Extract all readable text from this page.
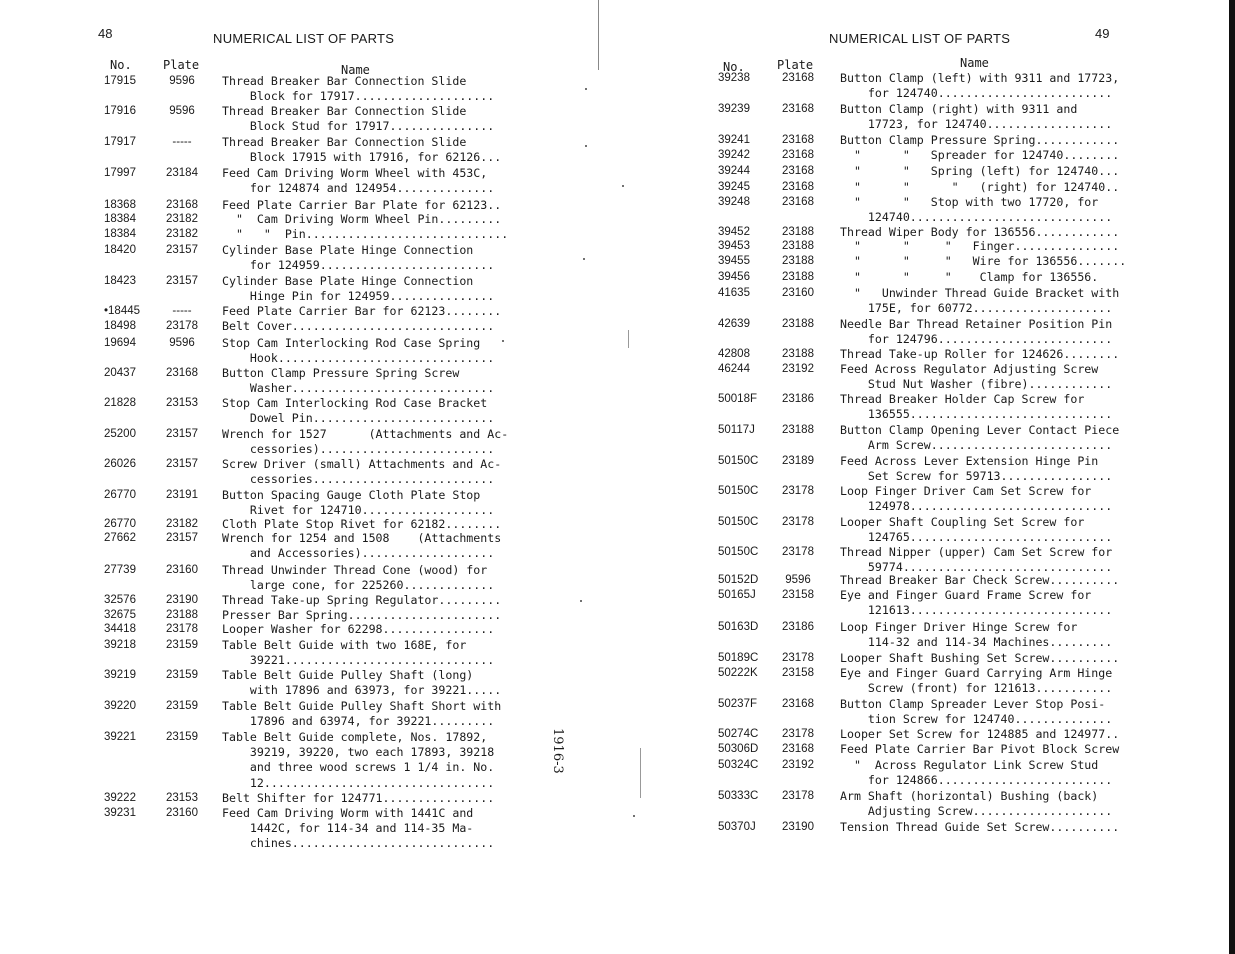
48	NUMERICAL LIST OF PARTS
No.	Plate	Name
17915	9596	Thread Breaker Bar Connection Slide
Block for 17917....................
17916	9596	Thread Breaker Bar Connection Slide
Block Stud for 17917...............
17917	-----	Thread Breaker Bar Connection Slide
Block 17915 with 17916, for 62126...
17997	23184	Feed Cam Driving Worm Wheel with 453C,
for 124874 and 124954..............
18368	23168	Feed Plate Carrier Bar Plate for 62123..
18384	23182	"  Cam Driving Worm Wheel Pin.........
18384	23182	"   "  Pin.............................
18420	23157	Cylinder Base Plate Hinge Connection
for 124959.........................
18423	23157	Cylinder Base Plate Hinge Connection
Hinge Pin for 124959...............
•18445	-----	Feed Plate Carrier Bar for 62123........
18498	23178	Belt Cover.............................
19694	9596	Stop Cam Interlocking Rod Case Spring
Hook...............................
20437	23168	Button Clamp Pressure Spring Screw
Washer.............................
21828	23153	Stop Cam Interlocking Rod Case Bracket
Dowel Pin..........................
25200	23157	Wrench for 1527      (Attachments and Ac-
cessories).........................
26026	23157	Screw Driver (small) Attachments and Ac-
cessories..........................
26770	23191	Button Spacing Gauge Cloth Plate Stop
Rivet for 124710...................
26770	23182	Cloth Plate Stop Rivet for 62182........
27662	23157	Wrench for 1254 and 1508    (Attachments
and Accessories)...................
27739	23160	Thread Unwinder Thread Cone (wood) for
large cone, for 225260.............
32576	23190	Thread Take-up Spring Regulator.........
32675	23188	Presser Bar Spring......................
34418	23178	Looper Washer for 62298................
39218	23159	Table Belt Guide with two 168E, for
39221..............................
39219	23159	Table Belt Guide Pulley Shaft (long)
with 17896 and 63973, for 39221.....
39220	23159	Table Belt Guide Pulley Shaft Short with
17896 and 63974, for 39221.........
39221	23159	Table Belt Guide complete, Nos. 17892,
39219, 39220, two each 17893, 39218
and three wood screws 1 1/4 in. No.
12.................................
39222	23153	Belt Shifter for 124771................
39231	23160	Feed Cam Driving Worm with 1441C and
1442C, for 114-34 and 114-35 Ma-
chines.............................
NUMERICAL LIST OF PARTS	49
No.	Plate	Name
39238	23168	Button Clamp (left) with 9311 and 17723,
for 124740.........................
39239	23168	Button Clamp (right) with 9311 and
17723, for 124740..................
39241	23168	Button Clamp Pressure Spring............
39242	23168	"      "   Spreader for 124740........
39244	23168	"      "   Spring (left) for 124740...
39245	23168	"      "      "   (right) for 124740..
39248	23168	"      "   Stop with two 17720, for
124740.............................
39452	23188	Thread Wiper Body for 136556............
39453	23188	"      "     "   Finger...............
39455	23188	"      "     "   Wire for 136556.......
39456	23188	"      "     "    Clamp for 136556.
41635	23160	"   Unwinder Thread Guide Bracket with
175E, for 60772....................
42639	23188	Needle Bar Thread Retainer Position Pin
for 124796.........................
42808	23188	Thread Take-up Roller for 124626........
46244	23192	Feed Across Regulator Adjusting Screw
Stud Nut Washer (fibre)............
50018F	23186	Thread Breaker Holder Cap Screw for
136555.............................
50117J	23188	Button Clamp Opening Lever Contact Piece
Arm Screw..........................
50150C	23189	Feed Across Lever Extension Hinge Pin
Set Screw for 59713................
50150C	23178	Loop Finger Driver Cam Set Screw for
124978.............................
50150C	23178	Looper Shaft Coupling Set Screw for
124765.............................
50150C	23178	Thread Nipper (upper) Cam Set Screw for
59774..............................
50152D	9596	Thread Breaker Bar Check Screw..........
50165J	23158	Eye and Finger Guard Frame Screw for
121613.............................
50163D	23186	Loop Finger Driver Hinge Screw for
114-32 and 114-34 Machines.........
50189C	23178	Looper Shaft Bushing Set Screw..........
50222K	23158	Eye and Finger Guard Carrying Arm Hinge
Screw (front) for 121613...........
50237F	23168	Button Clamp Spreader Lever Stop Posi-
tion Screw for 124740..............
50274C	23178	Looper Set Screw for 124885 and 124977..
50306D	23168	Feed Plate Carrier Bar Pivot Block Screw
50324C	23192	"  Across Regulator Link Screw Stud
for 124866.........................
50333C	23178	Arm Shaft (horizontal) Bushing (back)
Adjusting Screw....................
50370J	23190	Tension Thread Guide Set Screw..........
1916-3
